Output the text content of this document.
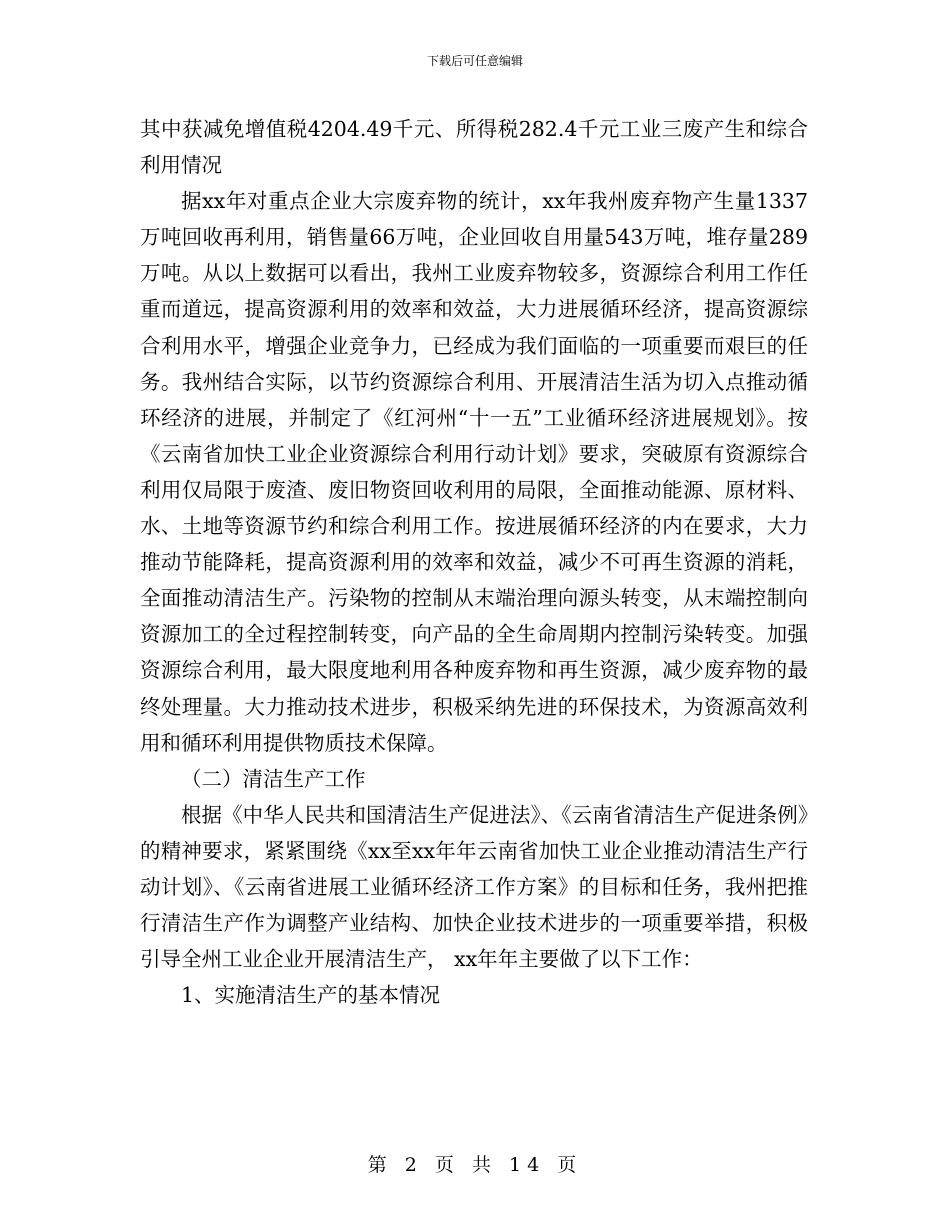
下载后可任意编辑

其中获减免增值税4204.49千元、所得税282.4千元工业三废产生和综合利用情况

据xx年对重点企业大宗废弃物的统计，xx年我州废弃物产生量1337万吨回收再利用，销售量66万吨，企业回收自用量543万吨，堆存量289万吨。从以上数据可以看出，我州工业废弃物较多，资源综合利用工作任重而道远，提高资源利用的效率和效益，大力进展循环经济，提高资源综合利用水平，增强企业竞争力，已经成为我们面临的一项重要而艰巨的任务。我州结合实际，以节约资源综合利用、开展清洁生活为切入点推动循环经济的进展，并制定了《红河州“十一五”工业循环经济进展规划》。按《云南省加快工业企业资源综合利用行动计划》要求，突破原有资源综合利用仅局限于废渣、废旧物资回收利用的局限，全面推动能源、原材料、水、土地等资源节约和综合利用工作。按进展循环经济的内在要求，大力推动节能降耗，提高资源利用的效率和效益，减少不可再生资源的消耗，全面推动清洁生产。污染物的控制从末端治理向源头转变，从末端控制向资源加工的全过程控制转变，向产品的全生命周期内控制污染转变。加强资源综合利用，最大限度地利用各种废弃物和再生资源，减少废弃物的最终处理量。大力推动技术进步，积极采纳先进的环保技术，为资源高效利用和循环利用提供物质技术保障。

（二）清洁生产工作

根据《中华人民共和国清洁生产促进法》、《云南省清洁生产促进条例》的精神要求，紧紧围绕《xx至xx年年云南省加快工业企业推动清洁生产行动计划》、《云南省进展工业循环经济工作方案》的目标和任务，我州把推行清洁生产作为调整产业结构、加快企业技术进步的一项重要举措，积极引导全州工业企业开展清洁生产， xx年年主要做了以下工作：

1、实施清洁生产的基本情况

第 2 页 共 14 页
